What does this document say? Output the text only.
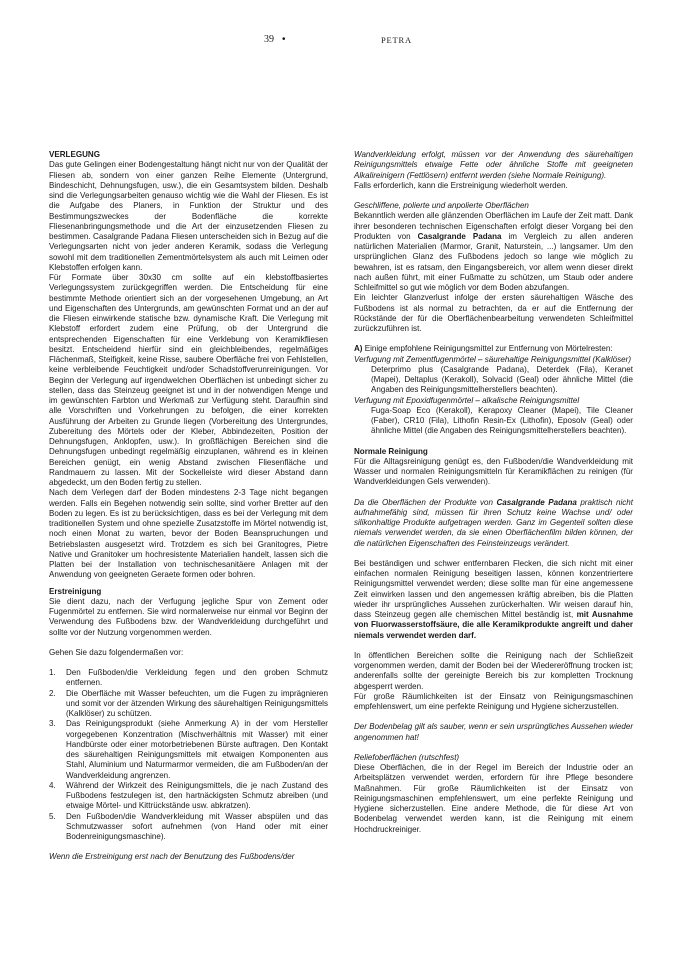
39 •	PETRA

VERLEGUNG

Das gute Gelingen einer Bodengestaltung hängt nicht nur von der Qualität der Fliesen ab, sondern von einer ganzen Reihe Elemente (Untergrund, Bindeschicht, Dehnungsfugen, usw.), die ein Gesamtsystem bilden. Deshalb sind die Verlegungsarbeiten genauso wichtig wie die Wahl der Fliesen. Es ist die Aufgabe des Planers, in Funktion der Struktur und des Bestimmungszweckes der Bodenfläche die korrekte Fliesenanbringungsmethode und die Art der einzusetzenden Fliesen zu bestimmen. Casalgrande Padana Fliesen unterscheiden sich in Bezug auf die Verlegungsarten nicht von jeder anderen Keramik, sodass die Verlegung sowohl mit dem traditionellen Zementmörtelsystem als auch mit Leimen oder Klebstoffen erfolgen kann.

Für Formate über 30x30 cm sollte auf ein klebstoffbasiertes Verlegungssystem zurückgegriffen werden. Die Entscheidung für eine bestimmte Methode orientiert sich an der vorgesehenen Umgebung, an Art und Eigenschaften des Untergrunds, am gewünschten Format und an der auf die Fliesen einwirkende statische bzw. dynamische Kraft. Die Verlegung mit Klebstoff erfordert zudem eine Prüfung, ob der Untergrund die entsprechenden Eigenschaften für eine Verklebung von Keramikfliesen besitzt. Entscheidend hierfür sind ein gleichbleibendes, regelmäßiges Flächenmaß, Steifigkeit, keine Risse, saubere Oberfläche frei von Fehlstellen, keine verbleibende Feuchtigkeit und/oder Schadstoffverunreinigungen. Vor Beginn der Verlegung auf irgendwelchen Oberflächen ist unbedingt sicher zu stellen, dass das Steinzeug geeignet ist und in der notwendigen Menge und im gewünschten Farbton und Werkmaß zur Verfügung steht. Daraufhin sind alle Vorschriften und Vorkehrungen zu befolgen, die einer korrekten Ausführung der Arbeiten zu Grunde liegen (Vorbereitung des Untergrundes, Zubereitung des Mörtels oder der Kleber, Abbindezeiten, Position der Dehnungsfugen, Anklopfen, usw.). In großflächigen Bereichen sind die Dehnungsfugen unbedingt regelmäßig einzuplanen, während es in kleinen Bereichen genügt, ein wenig Abstand zwischen Fliesenfläche und Randmauern zu lassen. Mit der Sockelleiste wird dieser Abstand dann abgedeckt, um den Boden fertig zu stellen.

Nach dem Verlegen darf der Boden mindestens 2-3 Tage nicht begangen werden. Falls ein Begehen notwendig sein sollte, sind vorher Bretter auf den Boden zu legen. Es ist zu berücksichtigen, dass es bei der Verlegung mit dem traditionellen System und ohne spezielle Zusatzstoffe im Mörtel notwendig ist, noch einen Monat zu warten, bevor der Boden Beanspruchungen und Betriebslasten ausgesetzt wird. Trotzdem es sich bei Granitogres, Pietre Native und Granitoker um hochresistente Materialien handelt, lassen sich die Platten bei der Installation von technischesanitäere Anlagen mit der Anwendung von geeigneten Geraete formen oder bohren.

Erstreinigung

Sie dient dazu, nach der Verfugung jegliche Spur von Zement oder Fugenmörtel zu entfernen. Sie wird normalerweise nur einmal vor Beginn der Verwendung des Fußbodens bzw. der Wandverkleidung durchgeführt und sollte vor der Nutzung vorgenommen werden.

Gehen Sie dazu folgendermaßen vor:

1. Den Fußboden/die Verkleidung fegen und den groben Schmutz entfernen.
2. Die Oberfläche mit Wasser befeuchten, um die Fugen zu imprägnieren und somit vor der ätzenden Wirkung des säurehaltigen Reinigungsmittels (Kalklöser) zu schützen.
3. Das Reinigungsprodukt (siehe Anmerkung A) in der vom Hersteller vorgegebenen Konzentration (Mischverhältnis mit Wasser) mit einer Handbürste oder einer motorbetriebenen Bürste auftragen. Den Kontakt des säurehaltigen Reinigungsmittels mit etwaigen Komponenten aus Stahl, Aluminium und Naturmarmor vermeiden, die am Fußboden/an der Wandverkleidung angrenzen.
4. Während der Wirkzeit des Reinigungsmittels, die je nach Zustand des Fußbodens festzulegen ist, den hartnäckigsten Schmutz abreiben (und etwaige Mörtel- und Kittrückstände usw. abkratzen).
5. Den Fußboden/die Wandverkleidung mit Wasser abspülen und das Schmutzwasser sofort aufnehmen (von Hand oder mit einer Bodenreinigungsmaschine).

Wenn die Erstreinigung erst nach der Benutzung des Fußbodens/der

Wandverkleidung erfolgt, müssen vor der Anwendung des säurehaltigen Reinigungsmittels etwaige Fette oder ähnliche Stoffe mit geeigneten Alkalireinigern (Fettlösern) entfernt werden (siehe Normale Reinigung).

Falls erforderlich, kann die Erstreinigung wiederholt werden.

Geschliffene, polierte und anpolierte Oberflächen

Bekanntlich werden alle glänzenden Oberflächen im Laufe der Zeit matt. Dank ihrer besonderen technischen Eigenschaften erfolgt dieser Vorgang bei den Produkten von Casalgrande Padana im Vergleich zu allen anderen natürlichen Materialien (Marmor, Granit, Naturstein, ...) langsamer. Um den ursprünglichen Glanz des Fußbodens jedoch so lange wie möglich zu bewahren, ist es ratsam, den Eingangsbereich, vor allem wenn dieser direkt nach außen führt, mit einer Fußmatte zu schützen, um Staub oder andere Schleifmittel so gut wie möglich vor dem Boden abzufangen.

Ein leichter Glanzverlust infolge der ersten säurehaltigen Wäsche des Fußbodens ist als normal zu betrachten, da er auf die Entfernung der Rückstände der für die Oberflächenbearbeitung verwendeten Schleifmittel zurückzuführen ist.

A) Einige empfohlene Reinigungsmittel zur Entfernung von Mörtelresten:

Verfugung mit Zementfugenmörtel – säurehaltige Reinigungsmittel (Kalklöser)

Deterprimo plus (Casalgrande Padana), Deterdek (Fila), Keranet (Mapei), Deltaplus (Kerakoll), Solvacid (Geal) oder ähnliche Mittel (die Angaben des Reinigungsmittelherstellers beachten).

Verfugung mit Epoxidfugenmörtel – alkalische Reinigungsmittel

Fuga-Soap Eco (Kerakoll), Kerapoxy Cleaner (Mapei), Tile Cleaner (Faber), CR10 (Fila), Lithofin Resin-Ex (Lithofin), Eposolv (Geal) oder ähnliche Mittel (die Angaben des Reinigungsmittelherstellers beachten).

Normale Reinigung

Für die Alltagsreinigung genügt es, den Fußboden/die Wandverkleidung mit Wasser und normalen Reinigungsmitteln für Keramikflächen zu reinigen (für Wandverkleidungen Gels verwenden).

Da die Oberflächen der Produkte von Casalgrande Padana praktisch nicht aufnahmefähig sind, müssen für ihren Schutz keine Wachse und/ oder silikonhaltige Produkte aufgetragen werden. Ganz im Gegenteil sollten diese niemals verwendet werden, da sie einen Oberflächenfilm bilden können, der die natürlichen Eigenschaften des Feinsteinzeugs verändert.

Bei beständigen und schwer entfernbaren Flecken, die sich nicht mit einer einfachen normalen Reinigung beseitigen lassen, können konzentriertere Reinigungsmittel verwendet werden; diese sollte man für eine angemessene Zeit einwirken lassen und den angemessen kräftig abreiben, bis die Platten wieder ihr ursprüngliches Aussehen zurückerhalten. Wir weisen darauf hin, dass Steinzeug gegen alle chemischen Mittel beständig ist, mit Ausnahme von Fluorwasserstoffsäure, die alle Keramikprodukte angreift und daher niemals verwendet werden darf.

In öffentlichen Bereichen sollte die Reinigung nach der Schließzeit vorgenommen werden, damit der Boden bei der Wiedereröffnung trocken ist; anderenfalls sollte der gereinigte Bereich bis zur kompletten Trocknung abgesperrt werden.

Für große Räumlichkeiten ist der Einsatz von Reinigungsmaschinen empfehlenswert, um eine perfekte Reinigung und Hygiene sicherzustellen.

Der Bodenbelag gilt als sauber, wenn er sein ursprüngliches Aussehen wieder angenommen hat!

Reliefoberflächen (rutschfest)

Diese Oberflächen, die in der Regel im Bereich der Industrie oder an Arbeitsplätzen verwendet werden, erfordern für ihre Pflege besondere Maßnahmen. Für große Räumlichkeiten ist der Einsatz von Reinigungsmaschinen empfehlenswert, um eine perfekte Reinigung und Hygiene sicherzustellen. Eine andere Methode, die für diese Art von Bodenbelag verwendet werden kann, ist die Reinigung mit einem Hochdruckreiniger.
